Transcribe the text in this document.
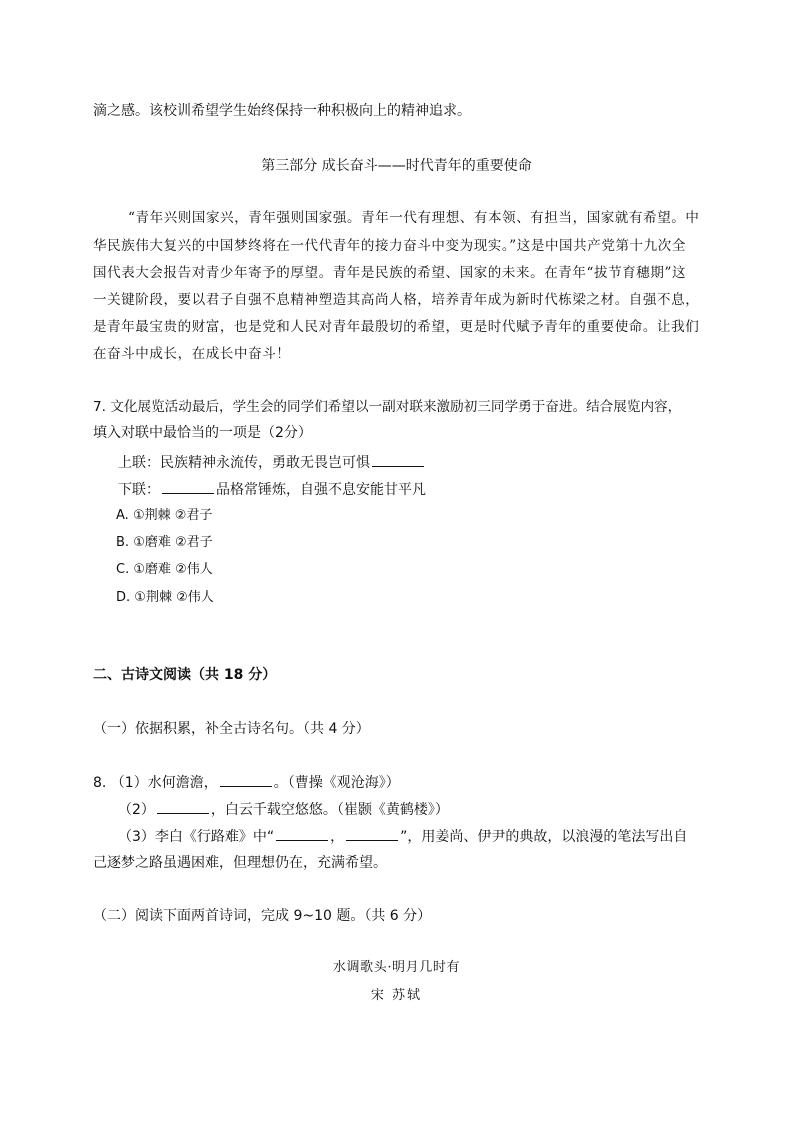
滴之感。该校训希望学生始终保持一种积极向上的精神追求。
第三部分 成长奋斗——时代青年的重要使命
“青年兴则国家兴，青年强则国家强。青年一代有理想、有本领、有担当，国家就有希望。中
华民族伟大复兴的中国梦终将在一代代青年的接力奋斗中变为现实。”这是中国共产党第十九次全
国代表大会报告对青少年寄予的厚望。青年是民族的希望、国家的未来。在青年“拔节育穗期”这
一关键阶段，要以君子自强不息精神塑造其高尚人格，培养青年成为新时代栋梁之材。自强不息，
是青年最宝贵的财富，也是党和人民对青年最殷切的希望，更是时代赋予青年的重要使命。让我们
在奋斗中成长，在成长中奋斗！
7. 文化展览活动最后，学生会的同学们希望以一副对联来激励初三同学勇于奋进。结合展览内容，
填入对联中最恰当的一项是（2分）
上联：民族精神永流传，勇敢无畏岂可惧
下联：	品格常锤炼，自强不息安能甘平凡
A. ①荆棘 ②君子
B. ①磨难 ②君子
C. ①磨难 ②伟人
D. ①荆棘 ②伟人
二、古诗文阅读（共 18 分）
（一）依据积累，补全古诗名句。（共 4 分）
8. （1）水何澹澹，	。（曹操《观沧海》）
（2）	，白云千载空悠悠。（崔颢《黄鹤楼》）
（3）李白《行路难》中“	，	”，用姜尚、伊尹的典故，以浪漫的笔法写出自
己逐梦之路虽遇困难，但理想仍在，充满希望。
（二）阅读下面两首诗词，完成 9~10 题。（共 6 分）
水调歌头·明月几时有
宋 苏轼
